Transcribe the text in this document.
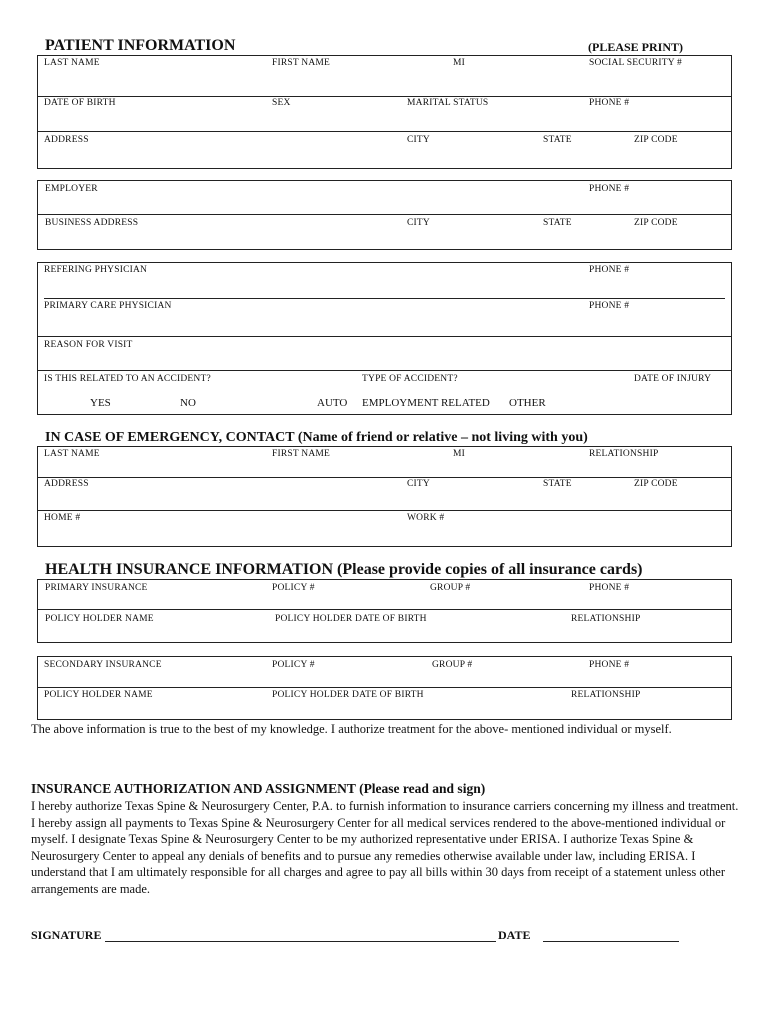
PATIENT INFORMATION	(PLEASE PRINT)
LAST NAME	FIRST NAME	MI	SOCIAL SECURITY #
DATE OF BIRTH	SEX	MARITAL STATUS	PHONE #
ADDRESS	CITY	STATE	ZIP CODE
EMPLOYER	PHONE #
BUSINESS ADDRESS	CITY	STATE	ZIP CODE
REFERING PHYSICIAN	PHONE #
PRIMARY CARE PHYSICIAN	PHONE #
REASON FOR VISIT
IS THIS RELATED TO AN ACCIDENT?	TYPE OF ACCIDENT?	DATE OF INJURY
YES	NO	AUTO EMPLOYMENT RELATED OTHER
IN CASE OF EMERGENCY, CONTACT (Name of friend or relative – not living with you)
LAST NAME	FIRST NAME	MI	RELATIONSHIP
ADDRESS	CITY	STATE	ZIP CODE
HOME #	WORK #
HEALTH INSURANCE INFORMATION (Please provide copies of all insurance cards)
PRIMARY INSURANCE	POLICY #	GROUP #	PHONE #
POLICY HOLDER NAME	POLICY HOLDER DATE OF BIRTH	RELATIONSHIP
SECONDARY INSURANCE	POLICY #	GROUP #	PHONE #
POLICY HOLDER NAME	POLICY HOLDER DATE OF BIRTH	RELATIONSHIP
The above information is true to the best of my knowledge. I authorize treatment for the above- mentioned individual or myself.
INSURANCE AUTHORIZATION AND ASSIGNMENT (Please read and sign)
I hereby authorize Texas Spine & Neurosurgery Center, P.A. to furnish information to insurance carriers concerning my illness and treatment. I hereby assign all payments to Texas Spine & Neurosurgery Center for all medical services rendered to the above-mentioned individual or myself. I designate Texas Spine & Neurosurgery Center to be my authorized representative under ERISA. I authorize Texas Spine & Neurosurgery Center to appeal any denials of benefits and to pursue any remedies otherwise available under law, including ERISA. I understand that I am ultimately responsible for all charges and agree to pay all bills within 30 days from receipt of a statement unless other arrangements are made.
SIGNATURE	DATE
